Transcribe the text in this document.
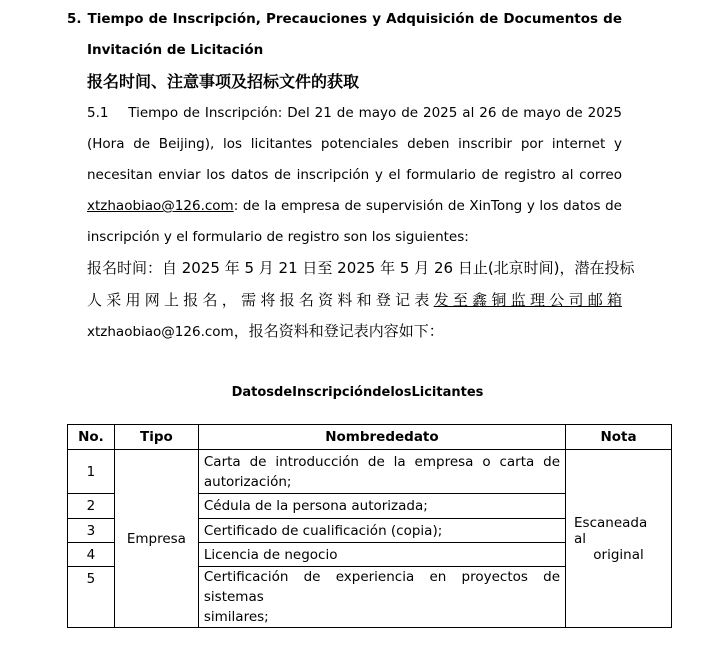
5. Tiempo de Inscripción, Precauciones y Adquisición de Documentos de
Invitación de Licitación
报名时间、注意事项及招标文件的获取
5.1 Tiempo de Inscripción: Del 21 de mayo de 2025 al 26 de mayo de 2025
(Hora de Beijing), los licitantes potenciales deben inscribir por internet y
necesitan enviar los datos de inscripción y el formulario de registro al correo
xtzhaobiao@126.com: de la empresa de supervisión de XinTong y los datos de
inscripción y el formulario de registro son los siguientes:
报名时间：自 2025 年 5 月 21 日至 2025 年 5 月 26 日止(北京时间)，潜在投标
人采用网上报名，需将报名资料和登记表发至鑫铜监理公司邮箱
xtzhaobiao@126.com，报名资料和登记表内容如下：
DatosdeInscripcióndelosLicitantes
No.	Tipo	Nombrededato	Nota
1	Empresa	Carta de introducción de la empresa o carta de
autorización;	Escaneada al
original
2		Cédula de la persona autorizada;	
3		Certificado de cualificación (copia);	
4		Licencia de negocio	
5		Certificación de experiencia en proyectos de sistemas
similares;	
